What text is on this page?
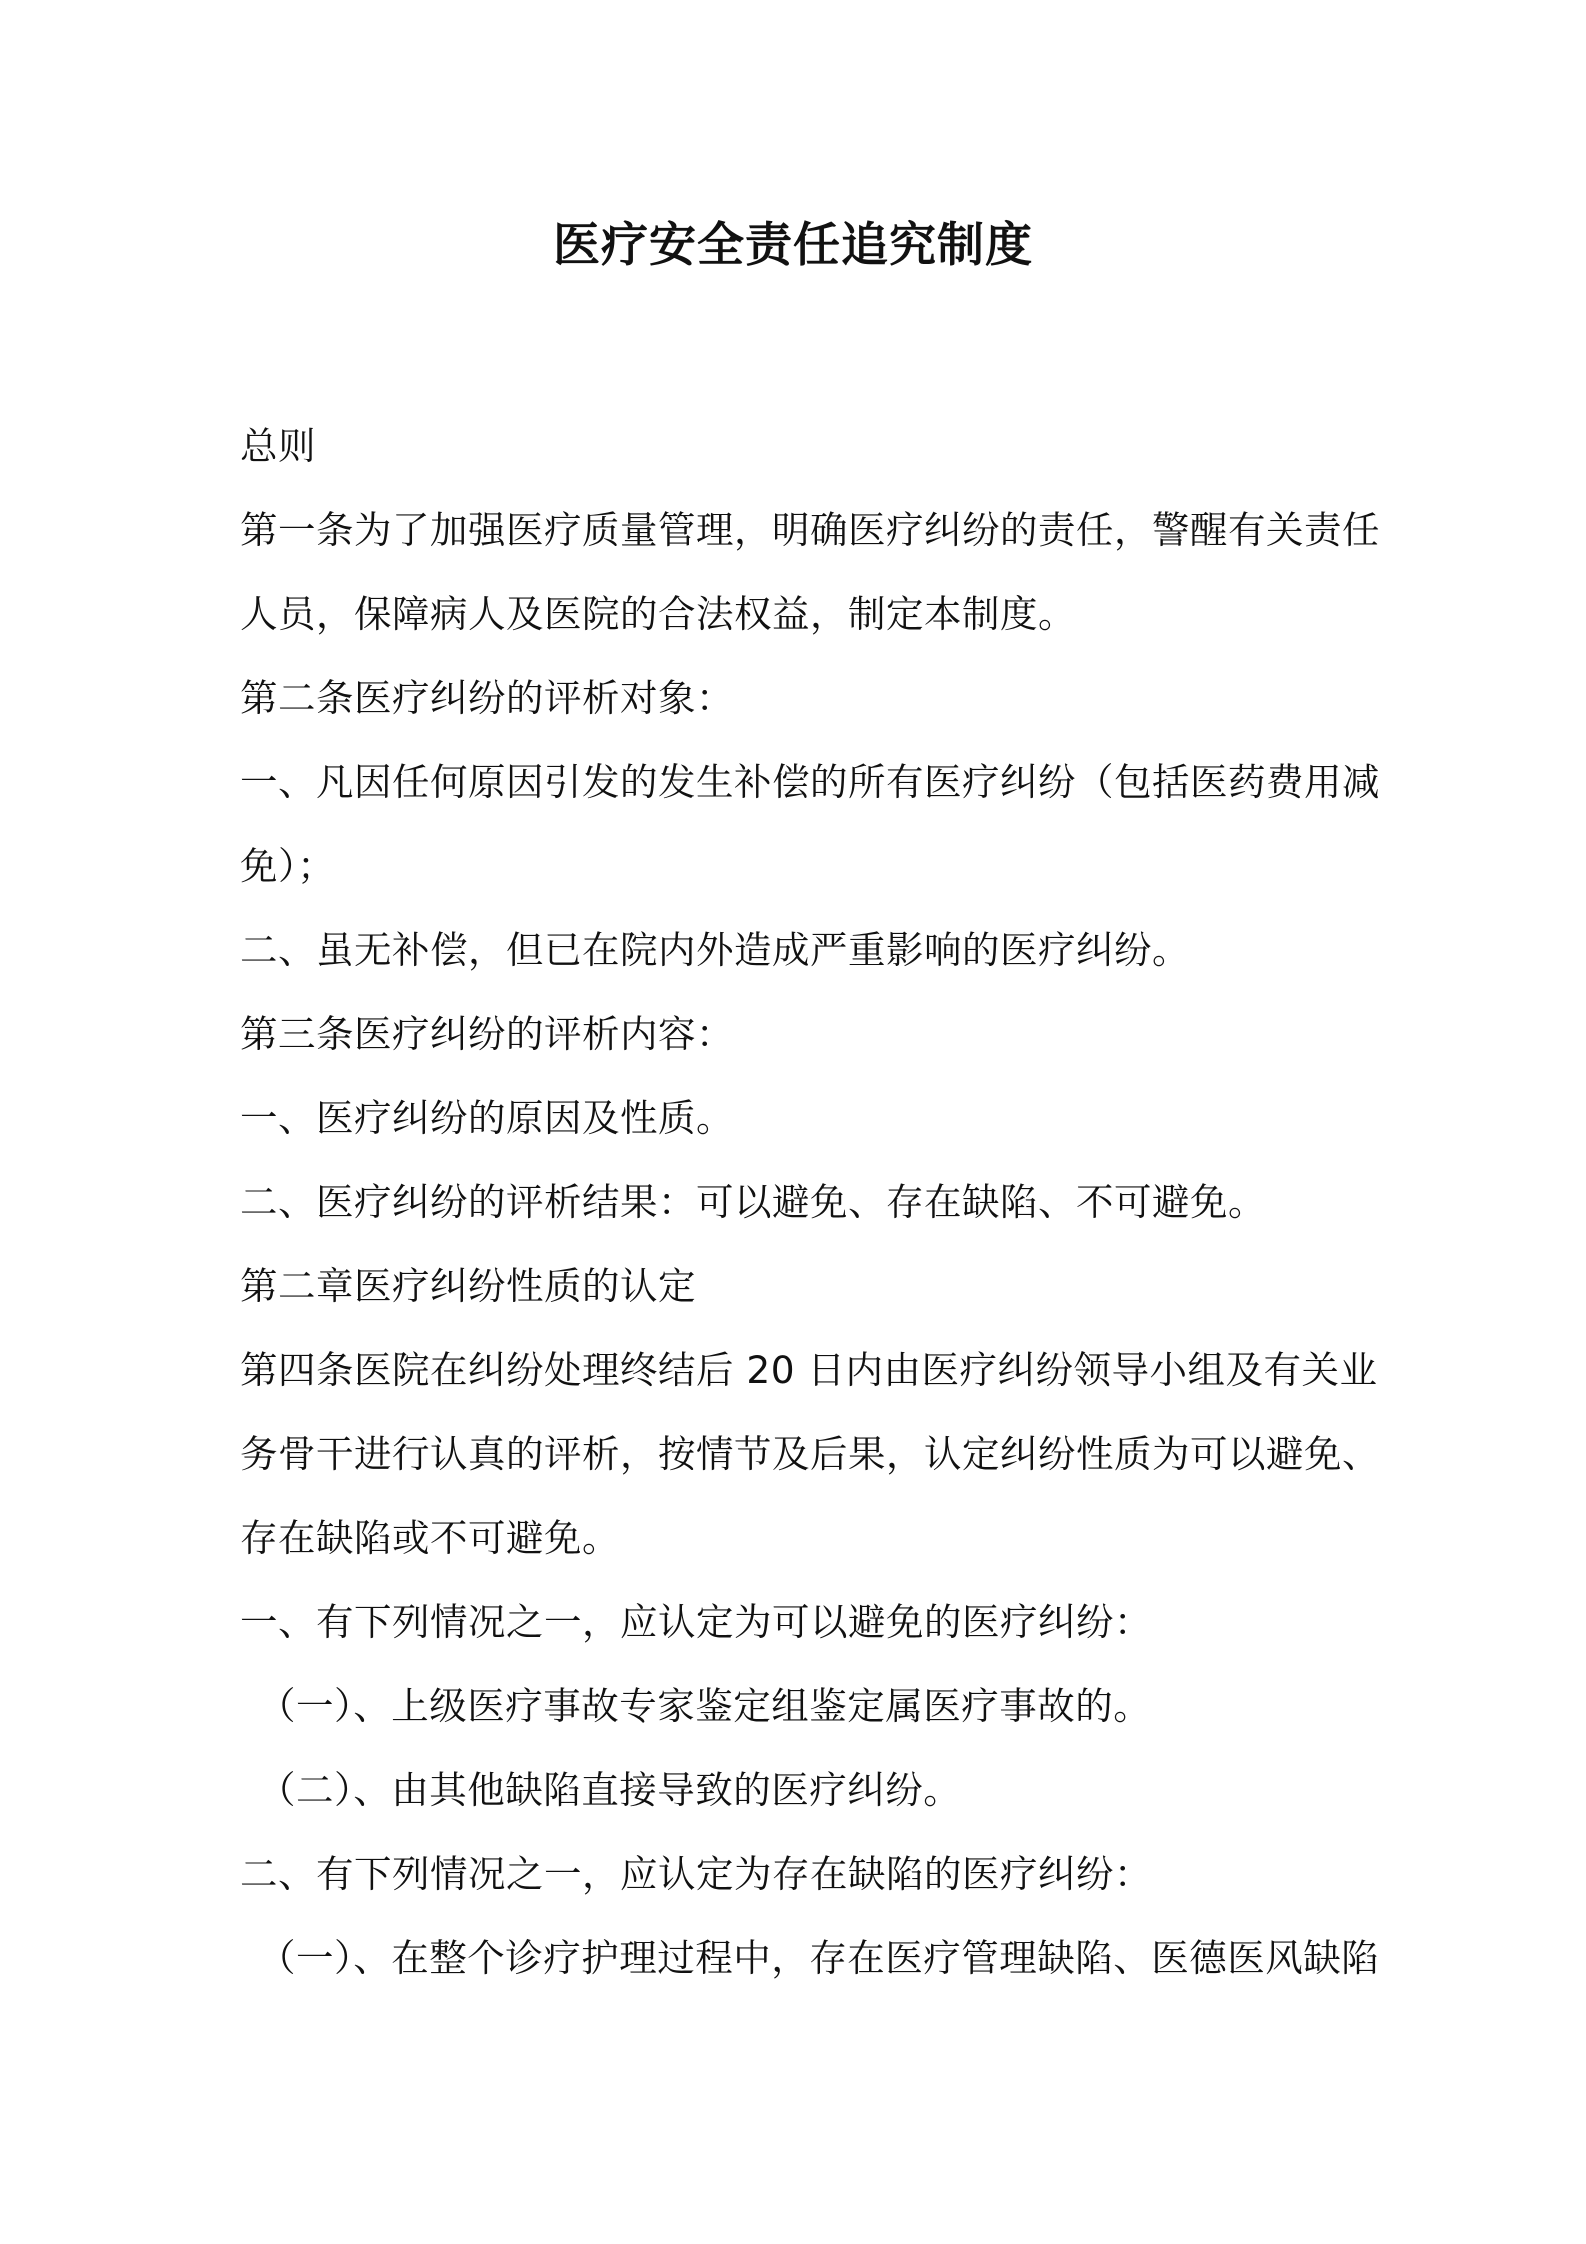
医疗安全责任追究制度
总则
第一条为了加强医疗质量管理，明确医疗纠纷的责任，警醒有关责任
人员，保障病人及医院的合法权益，制定本制度。
第二条医疗纠纷的评析对象：
一、凡因任何原因引发的发生补偿的所有医疗纠纷（包括医药费用减
免）；
二、虽无补偿，但已在院内外造成严重影响的医疗纠纷。
第三条医疗纠纷的评析内容：
一、医疗纠纷的原因及性质。
二、医疗纠纷的评析结果：可以避免、存在缺陷、不可避免。
第二章医疗纠纷性质的认定
第四条医院在纠纷处理终结后 20 日内由医疗纠纷领导小组及有关业
务骨干进行认真的评析，按情节及后果，认定纠纷性质为可以避免、
存在缺陷或不可避免。
一、有下列情况之一，应认定为可以避免的医疗纠纷：
（一）、上级医疗事故专家鉴定组鉴定属医疗事故的。
（二）、由其他缺陷直接导致的医疗纠纷。
二、有下列情况之一，应认定为存在缺陷的医疗纠纷：
（一）、在整个诊疗护理过程中，存在医疗管理缺陷、医德医风缺陷
